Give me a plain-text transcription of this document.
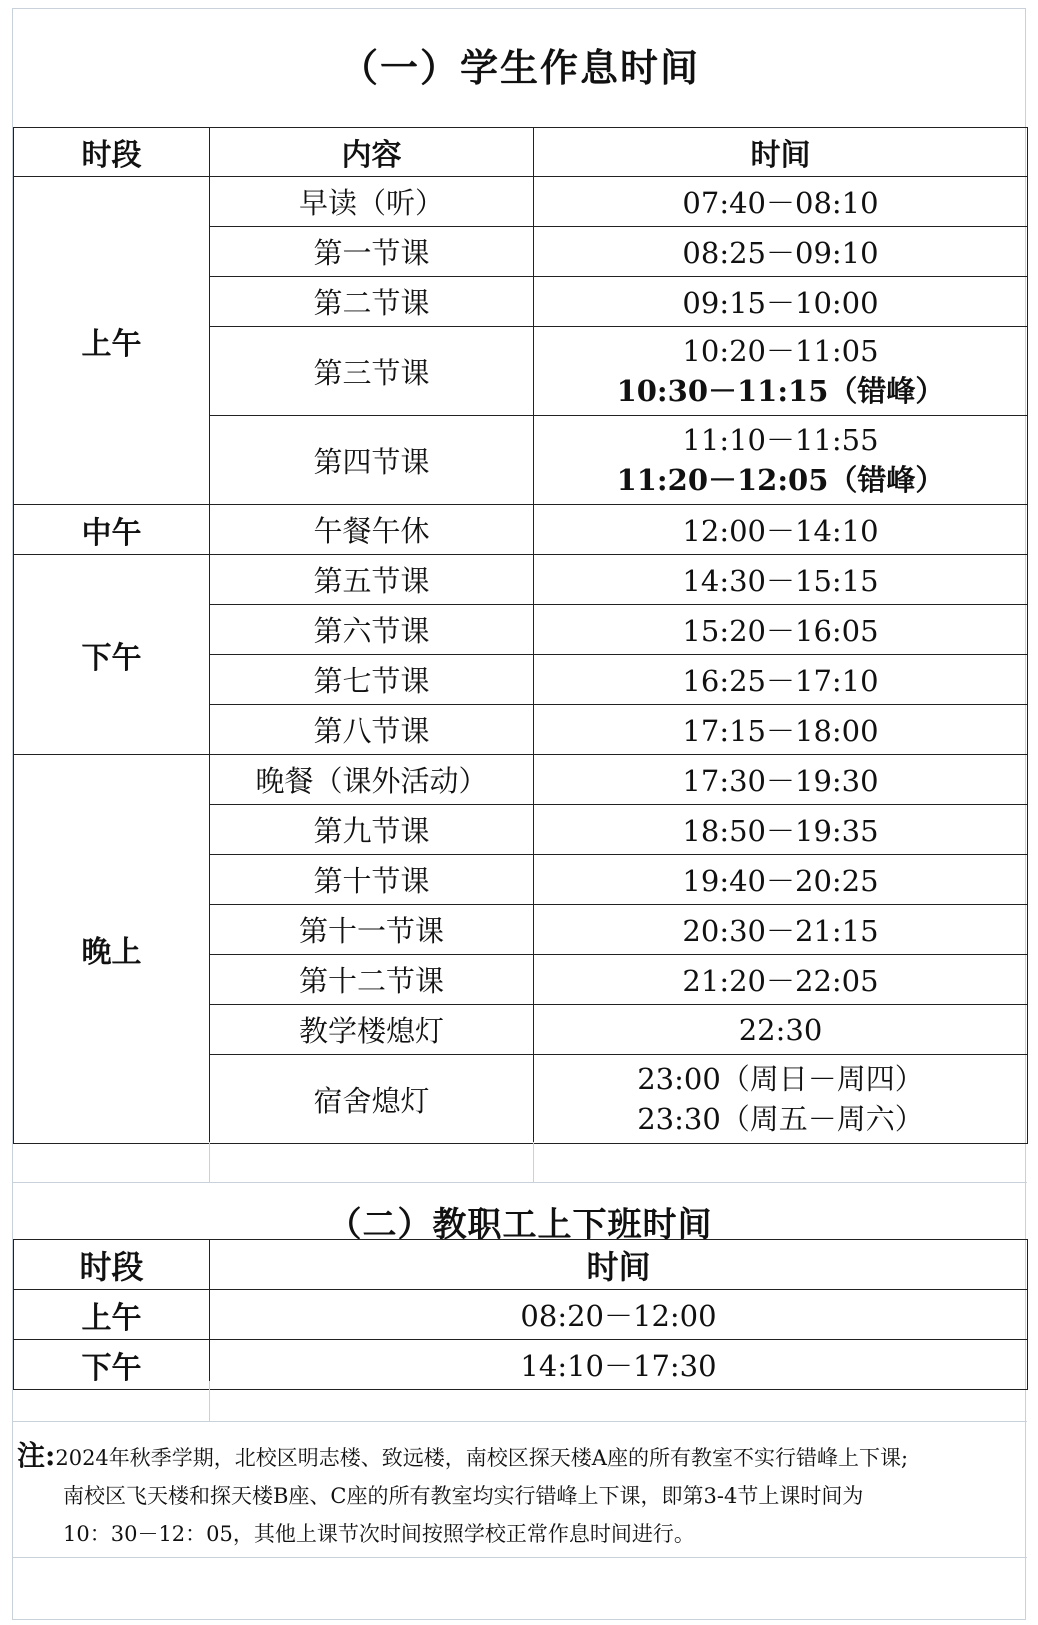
（一）学生作息时间
时段	内容	时间
上午	早读（听）	07:40－08:10
	第一节课	08:25－09:10
	第二节课	09:15－10:00
	第三节课	10:20－11:05
10:30－11:15（错峰）

	第四节课	11:10－11:55
11:20－12:05（错峰）

中午	午餐午休	12:00－14:10
下午	第五节课	14:30－15:15
	第六节课	15:20－16:05
	第七节课	16:25－17:10
	第八节课	17:15－18:00
晚上	晚餐（课外活动）	17:30－19:30
	第九节课	18:50－19:35
	第十节课	19:40－20:25
	第十一节课	20:30－21:15
	第十二节课	21:20－22:05
	教学楼熄灯	22:30
	宿舍熄灯	23:00（周日－周四）
23:30（周五－周六）
（二）教职工上下班时间
时段	时间
上午	08:20－12:00
下午	14:10－17:30
注:2024年秋季学期，北校区明志楼、致远楼，南校区探天楼A座的所有教室不实行错峰上下课;
南校区飞天楼和探天楼B座、C座的所有教室均实行错峰上下课，即第3-4节上课时间为
10：30－12：05，其他上课节次时间按照学校正常作息时间进行。
